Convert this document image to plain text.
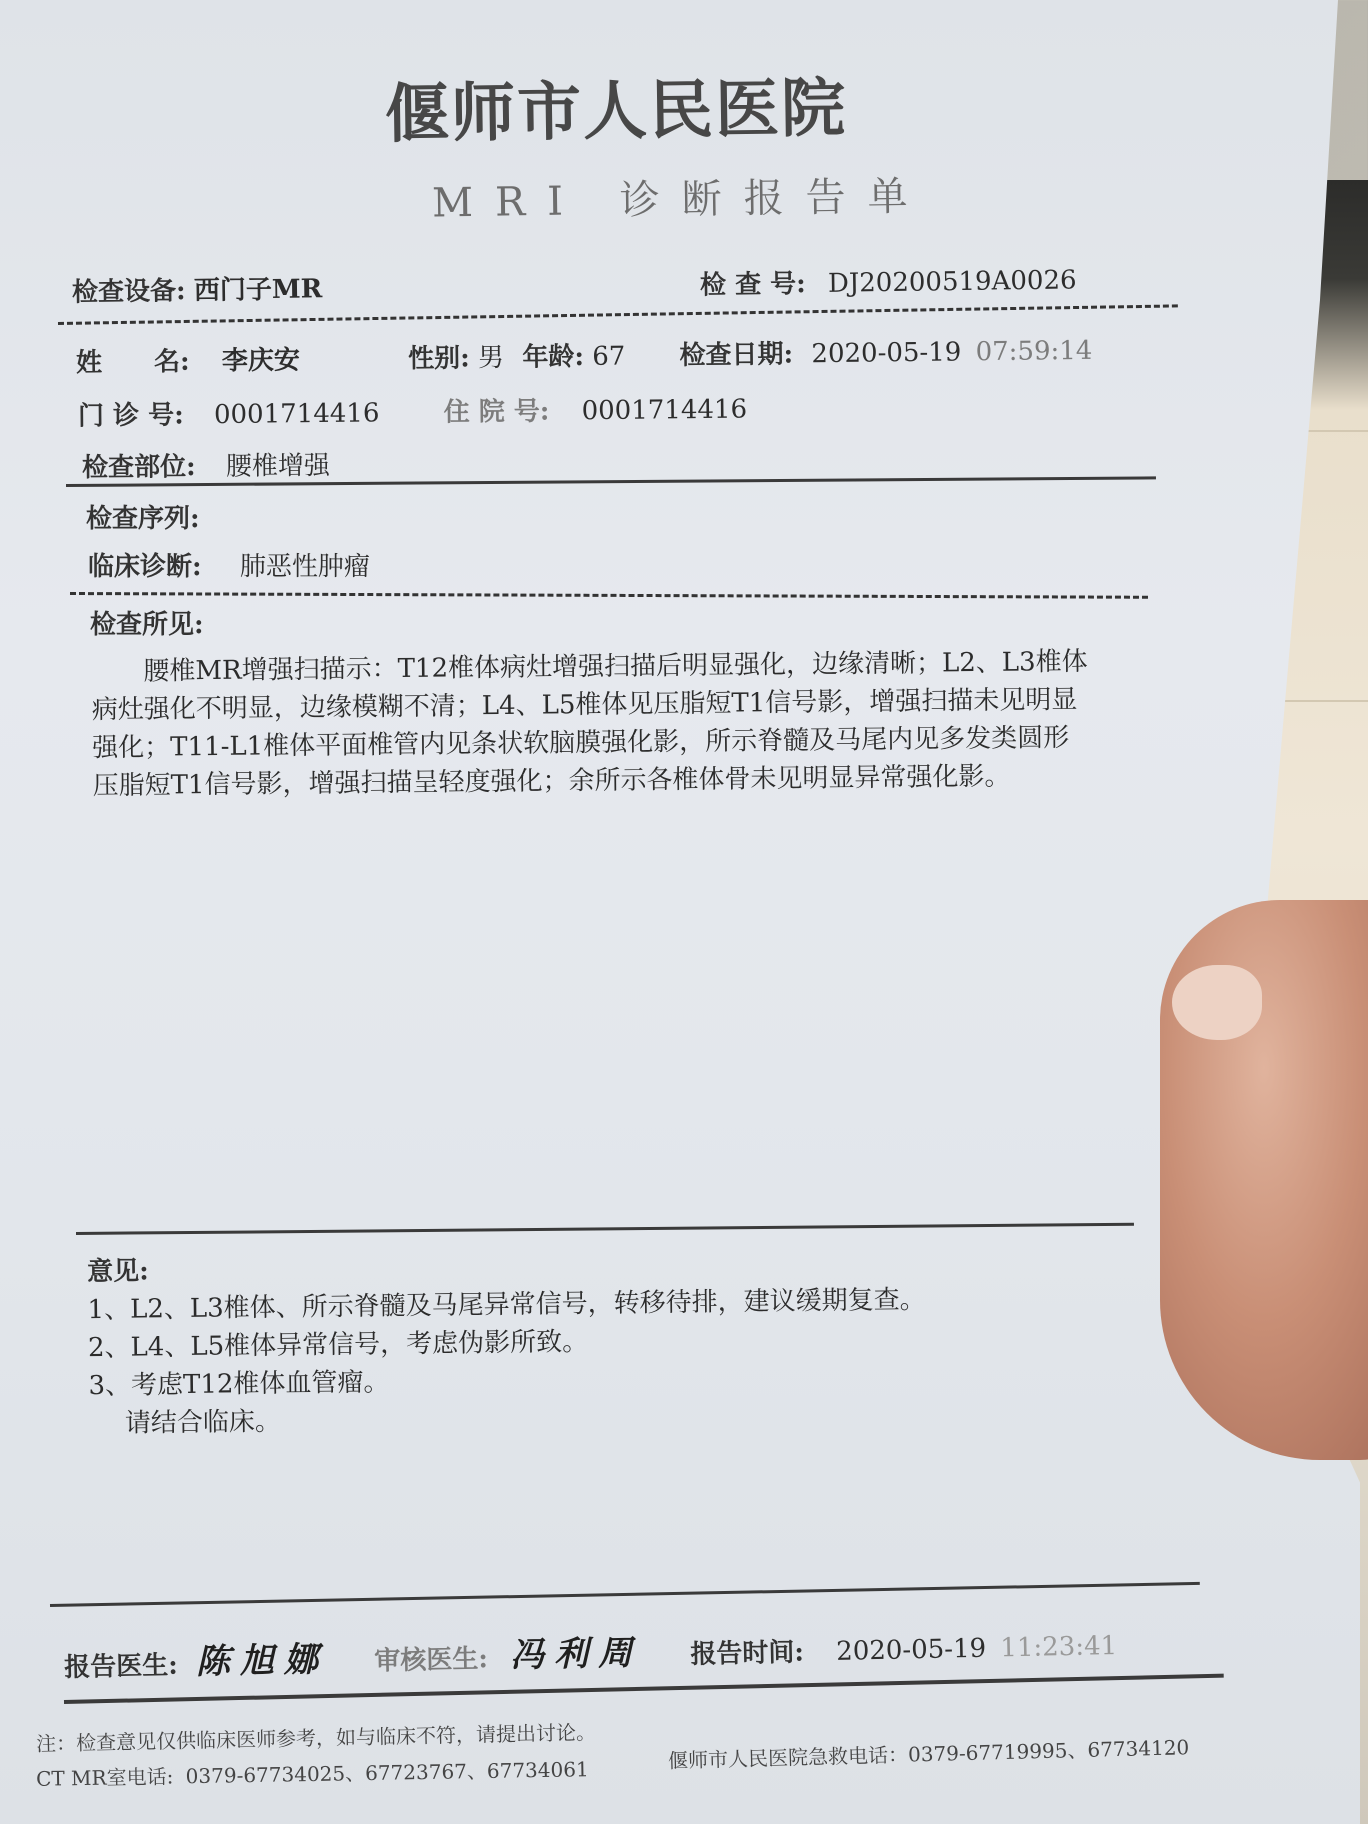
偃师市人民医院
MRI 诊断报告单
检查设备: 西门子MR	检 查 号: DJ20200519A0026
姓　　名: 李庆安	性别: 男 年龄: 67 检查日期: 2020-05-19 07:59:14
门 诊 号: 0001714416 住 院 号: 0001714416
检查部位: 腰椎增强
检查序列:
临床诊断: 肺恶性肿瘤
检查所见:
腰椎MR增强扫描示：T12椎体病灶增强扫描后明显强化，边缘清晰；L2、L3椎体病灶强化不明显，边缘模糊不清；L4、L5椎体见压脂短T1信号影，增强扫描未见明显强化；T11-L1椎体平面椎管内见条状软脑膜强化影，所示脊髓及马尾内见多发类圆形压脂短T1信号影，增强扫描呈轻度强化；余所示各椎体骨未见明显异常强化影。
意见:
1、L2、L3椎体、所示脊髓及马尾异常信号，转移待排，建议缓期复查。
2、L4、L5椎体异常信号，考虑伪影所致。
3、考虑T12椎体血管瘤。
请结合临床。
报告医生: 陈旭娜 审核医生: 冯利周 报告时间: 2020-05-19 11:23:41
注：检查意见仅供临床医师参考，如与临床不符，请提出讨论。
CT MR室电话: 0379-67734025、67723767、67734061	偃师市人民医院急救电话：0379-67719995、67734120
